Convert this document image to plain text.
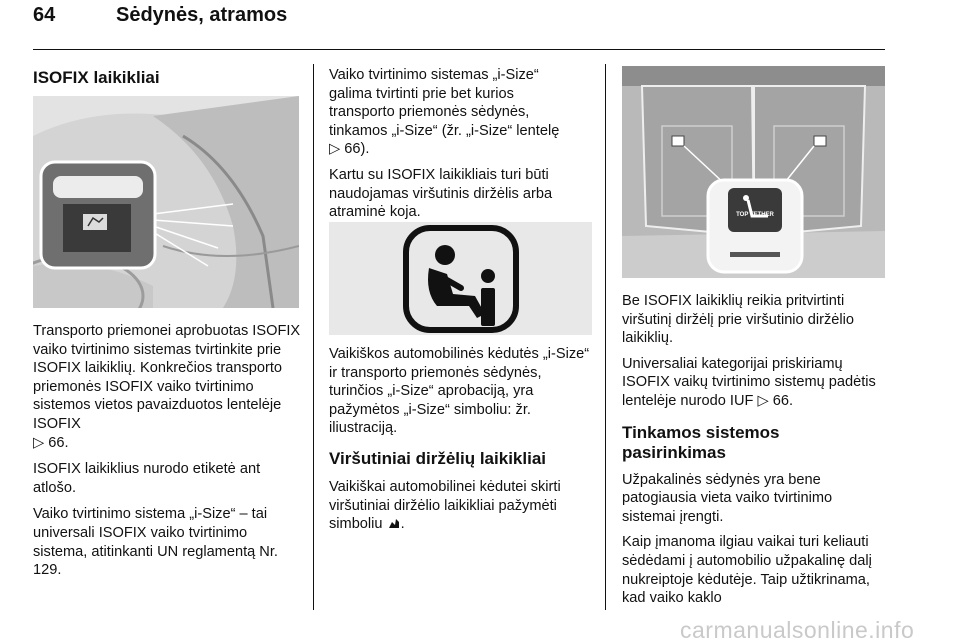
64	Sėdynės, atramos
ISOFIX laikikliai

Transporto priemonei aprobuotas ISOFIX vaiko tvirtinimo sistemas tvirtinkite prie ISOFIX laikiklių. Konkrečios transporto priemonės ISOFIX vaiko tvirtinimo sistemos vietos pavaizduotos lentelėje ISOFIX
▷ 66.

ISOFIX laikiklius nurodo etiketė ant atlošo.

Vaiko tvirtinimo sistema „i-Size“ – tai universali ISOFIX vaiko tvirtinimo sistema, atitinkanti UN reglamentą Nr. 129.

Vaiko tvirtinimo sistemas „i-Size“
galima tvirtinti prie bet kurios
transporto priemonės sėdynės,
tinkamos „i-Size“ (žr. „i-Size“ lentelę
▷ 66).

Kartu su ISOFIX laikikliais turi būti naudojamas viršutinis diržėlis arba atraminė koja.

Vaikiškos automobilinės kėdutės „i-Size“ ir transporto priemonės sėdynės, turinčios „i-Size“ aprobaciją, yra pažymėtos „i-Size“ simboliu: žr. iliustraciją.

Viršutiniai diržėlių laikikliai

Vaikiškai automobilinei kėdutei skirti viršutiniai diržėlio laikikliai pažymėti simboliu .

TOP TETHER

Be ISOFIX laikiklių reikia pritvirtinti viršutinį diržėlį prie viršutinio diržėlio laikiklių.

Universaliai kategorijai priskiriamų ISOFIX vaikų tvirtinimo sistemų padėtis lentelėje nurodo IUF ▷ 66.

Tinkamos sistemos pasirinkimas

Užpakalinės sėdynės yra bene patogiausia vieta vaiko tvirtinimo sistemai įrengti.

Kaip įmanoma ilgiau vaikai turi keliauti sėdėdami į automobilio užpakalinę dalį nukreiptoje kėdutėje. Taip užtikrinama, kad vaiko kaklo

carmanualsonline.info
